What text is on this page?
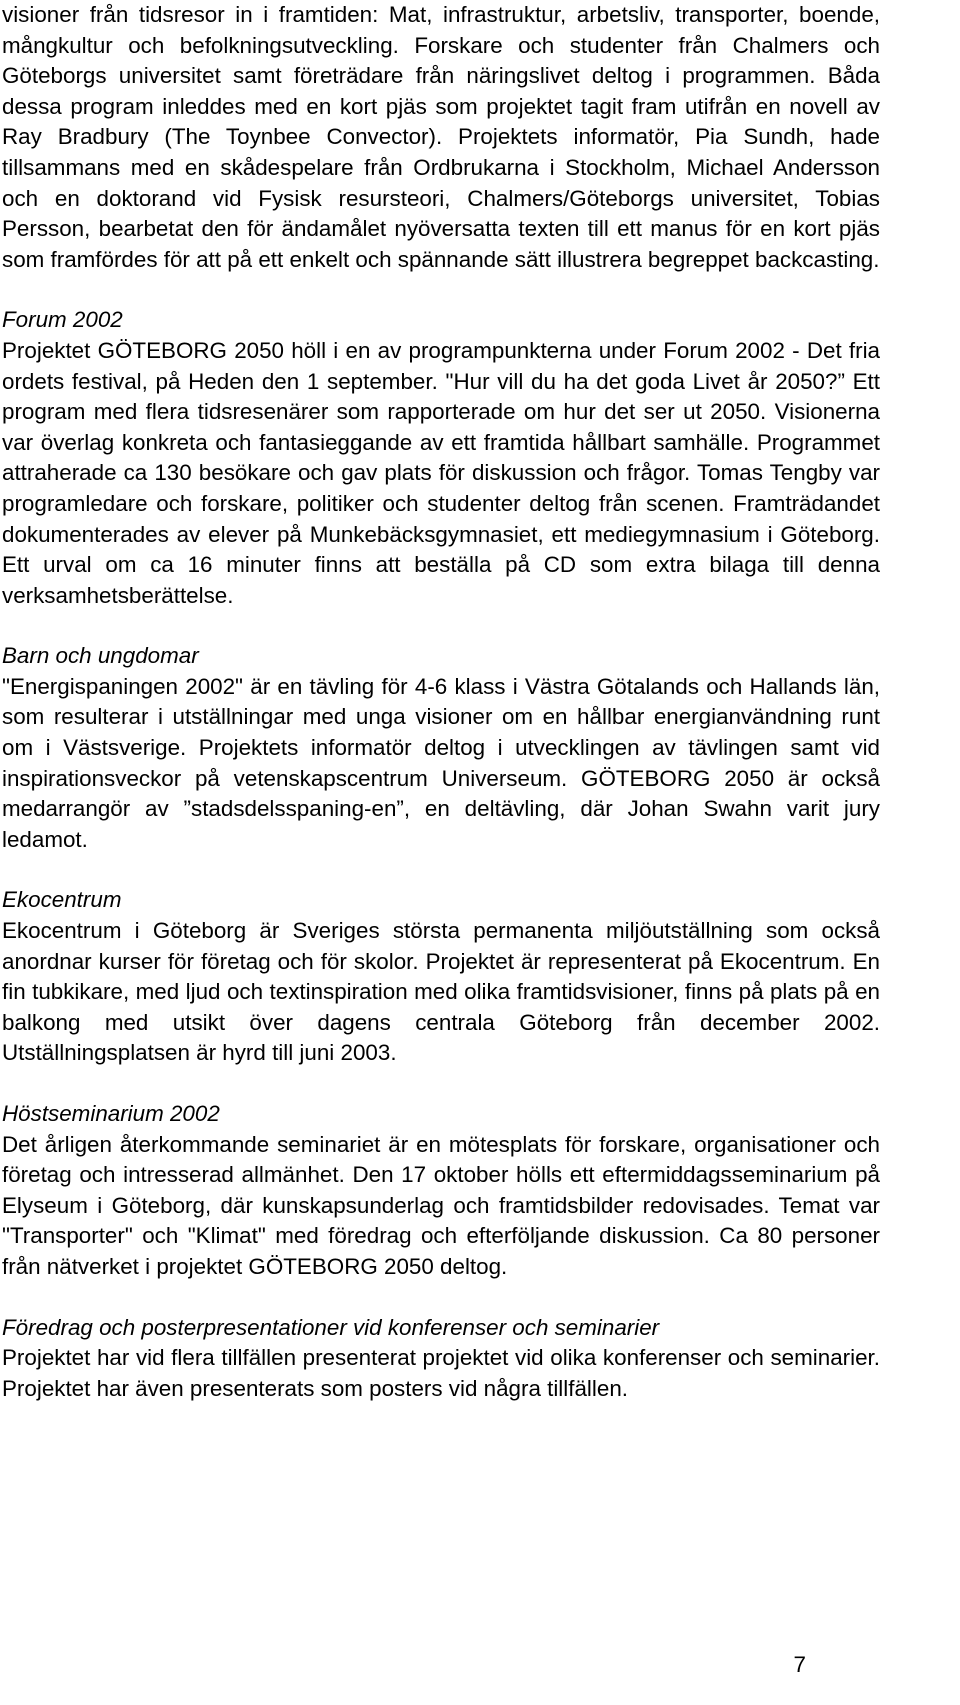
visioner från tidsresor in i framtiden: Mat, infrastruktur, arbetsliv, transporter, boende, mångkultur och befolkningsutveckling. Forskare och studenter från Chalmers och Göteborgs universitet samt företrädare från näringslivet deltog i programmen. Båda dessa program inleddes med en kort pjäs som projektet tagit fram utifrån en novell av Ray Bradbury (The Toynbee Convector). Projektets informatör, Pia Sundh, hade tillsammans med en skådespelare från Ordbrukarna i Stockholm, Michael Andersson och en doktorand vid Fysisk resursteori, Chalmers/Göteborgs universitet, Tobias Persson, bearbetat den för ändamålet nyöversatta texten till ett manus för en kort pjäs som framfördes för att på ett enkelt och spännande sätt illustrera begreppet backcasting.

Forum 2002

Projektet GÖTEBORG 2050 höll i en av programpunkterna under Forum 2002 - Det fria ordets festival, på Heden den 1 september. "Hur vill du ha det goda Livet år 2050?” Ett program med flera tidsresenärer som rapporterade om hur det ser ut 2050. Visionerna var överlag konkreta och fantasieggande av ett framtida hållbart samhälle. Programmet attraherade ca 130 besökare och gav plats för diskussion och frågor. Tomas Tengby var programledare och forskare, politiker och studenter deltog från scenen. Framträdandet dokumenterades av elever på Munkebäcksgymnasiet, ett mediegymnasium i Göteborg. Ett urval om ca 16 minuter finns att beställa på CD som extra bilaga till denna verksamhetsberättelse.

Barn och ungdomar

"Energispaningen 2002" är en tävling för 4-6 klass i Västra Götalands och Hallands län, som resulterar i utställningar med unga visioner om en hållbar energianvändning runt om i Västsverige. Projektets informatör deltog i utvecklingen av tävlingen samt vid inspirationsveckor på vetenskapscentrum Universeum. GÖTEBORG 2050 är också medarrangör av ”stadsdelsspaning-en”, en deltävling, där Johan Swahn varit jury ledamot.

Ekocentrum

Ekocentrum i Göteborg är Sveriges största permanenta miljöutställning som också anordnar kurser för företag och för skolor. Projektet är representerat på Ekocentrum. En fin tubkikare, med ljud och textinspiration med olika framtidsvisioner, finns på plats på en balkong med utsikt över dagens centrala Göteborg från december 2002. Utställningsplatsen är hyrd till juni 2003.

Höstseminarium 2002

Det årligen återkommande seminariet är en mötesplats för forskare, organisationer och företag och intresserad allmänhet. Den 17 oktober hölls ett eftermiddagsseminarium på Elyseum i Göteborg, där kunskapsunderlag och framtidsbilder redovisades. Temat var "Transporter" och "Klimat" med föredrag och efterföljande diskussion. Ca 80 personer från nätverket i projektet GÖTEBORG 2050 deltog.

Föredrag och posterpresentationer vid konferenser och seminarier

Projektet har vid flera tillfällen presenterat projektet vid olika konferenser och seminarier. Projektet har även presenterats som posters vid några tillfällen.

7
